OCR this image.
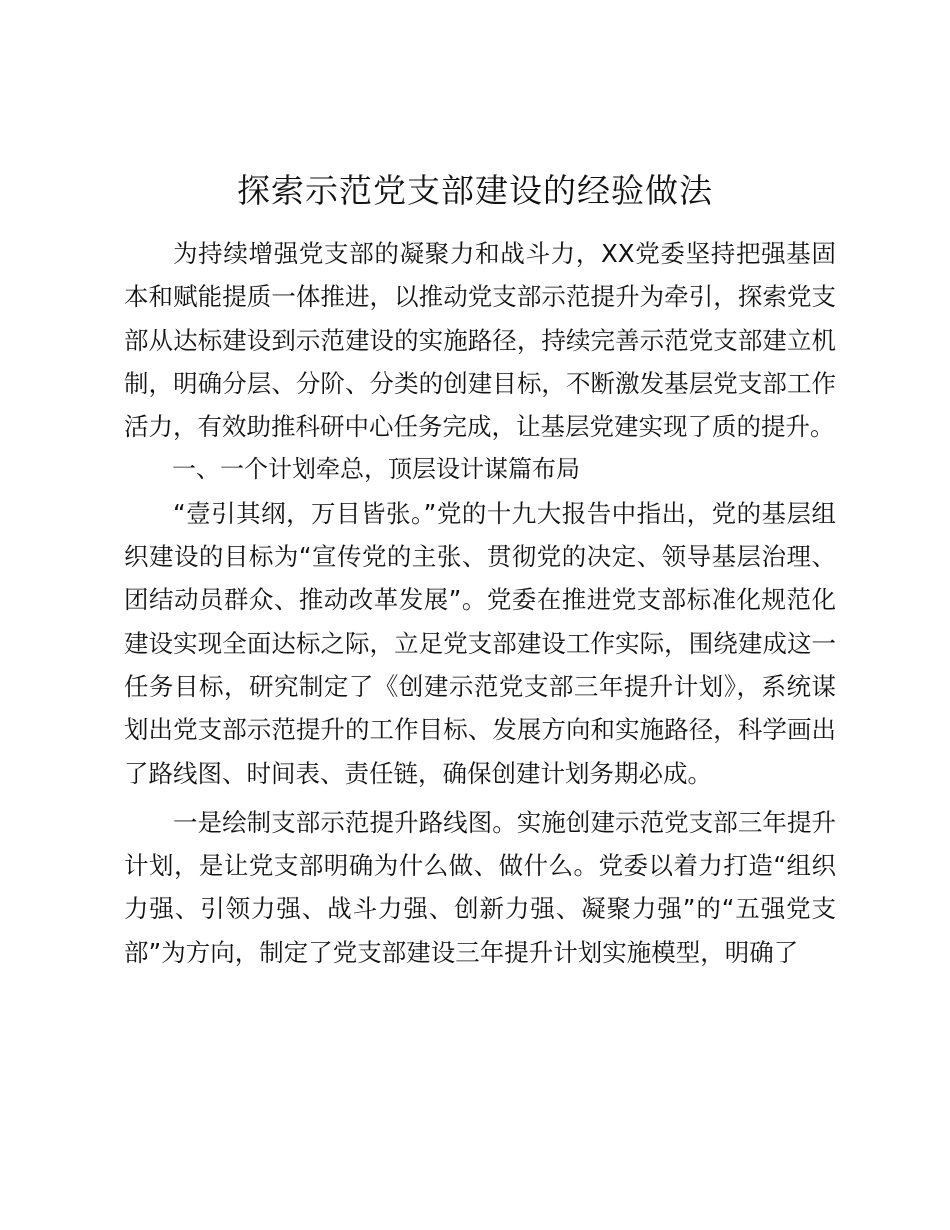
探索示范党支部建设的经验做法

为持续增强党支部的凝聚力和战斗力，XX党委坚持把强基固本和赋能提质一体推进，以推动党支部示范提升为牵引，探索党支部从达标建设到示范建设的实施路径，持续完善示范党支部建立机制，明确分层、分阶、分类的创建目标，不断激发基层党支部工作活力，有效助推科研中心任务完成，让基层党建实现了质的提升。

一、一个计划牵总，顶层设计谋篇布局

“壹引其纲，万目皆张。”党的十九大报告中指出，党的基层组织建设的目标为“宣传党的主张、贯彻党的决定、领导基层治理、团结动员群众、推动改革发展”。党委在推进党支部标准化规范化建设实现全面达标之际，立足党支部建设工作实际，围绕建成这一任务目标，研究制定了《创建示范党支部三年提升计划》，系统谋划出党支部示范提升的工作目标、发展方向和实施路径，科学画出了路线图、时间表、责任链，确保创建计划务期必成。

一是绘制支部示范提升路线图。实施创建示范党支部三年提升计划，是让党支部明确为什么做、做什么。党委以着力打造“组织力强、引领力强、战斗力强、创新力强、凝聚力强”的“五强党支部”为方向，制定了党支部建设三年提升计划实施模型，明确了
